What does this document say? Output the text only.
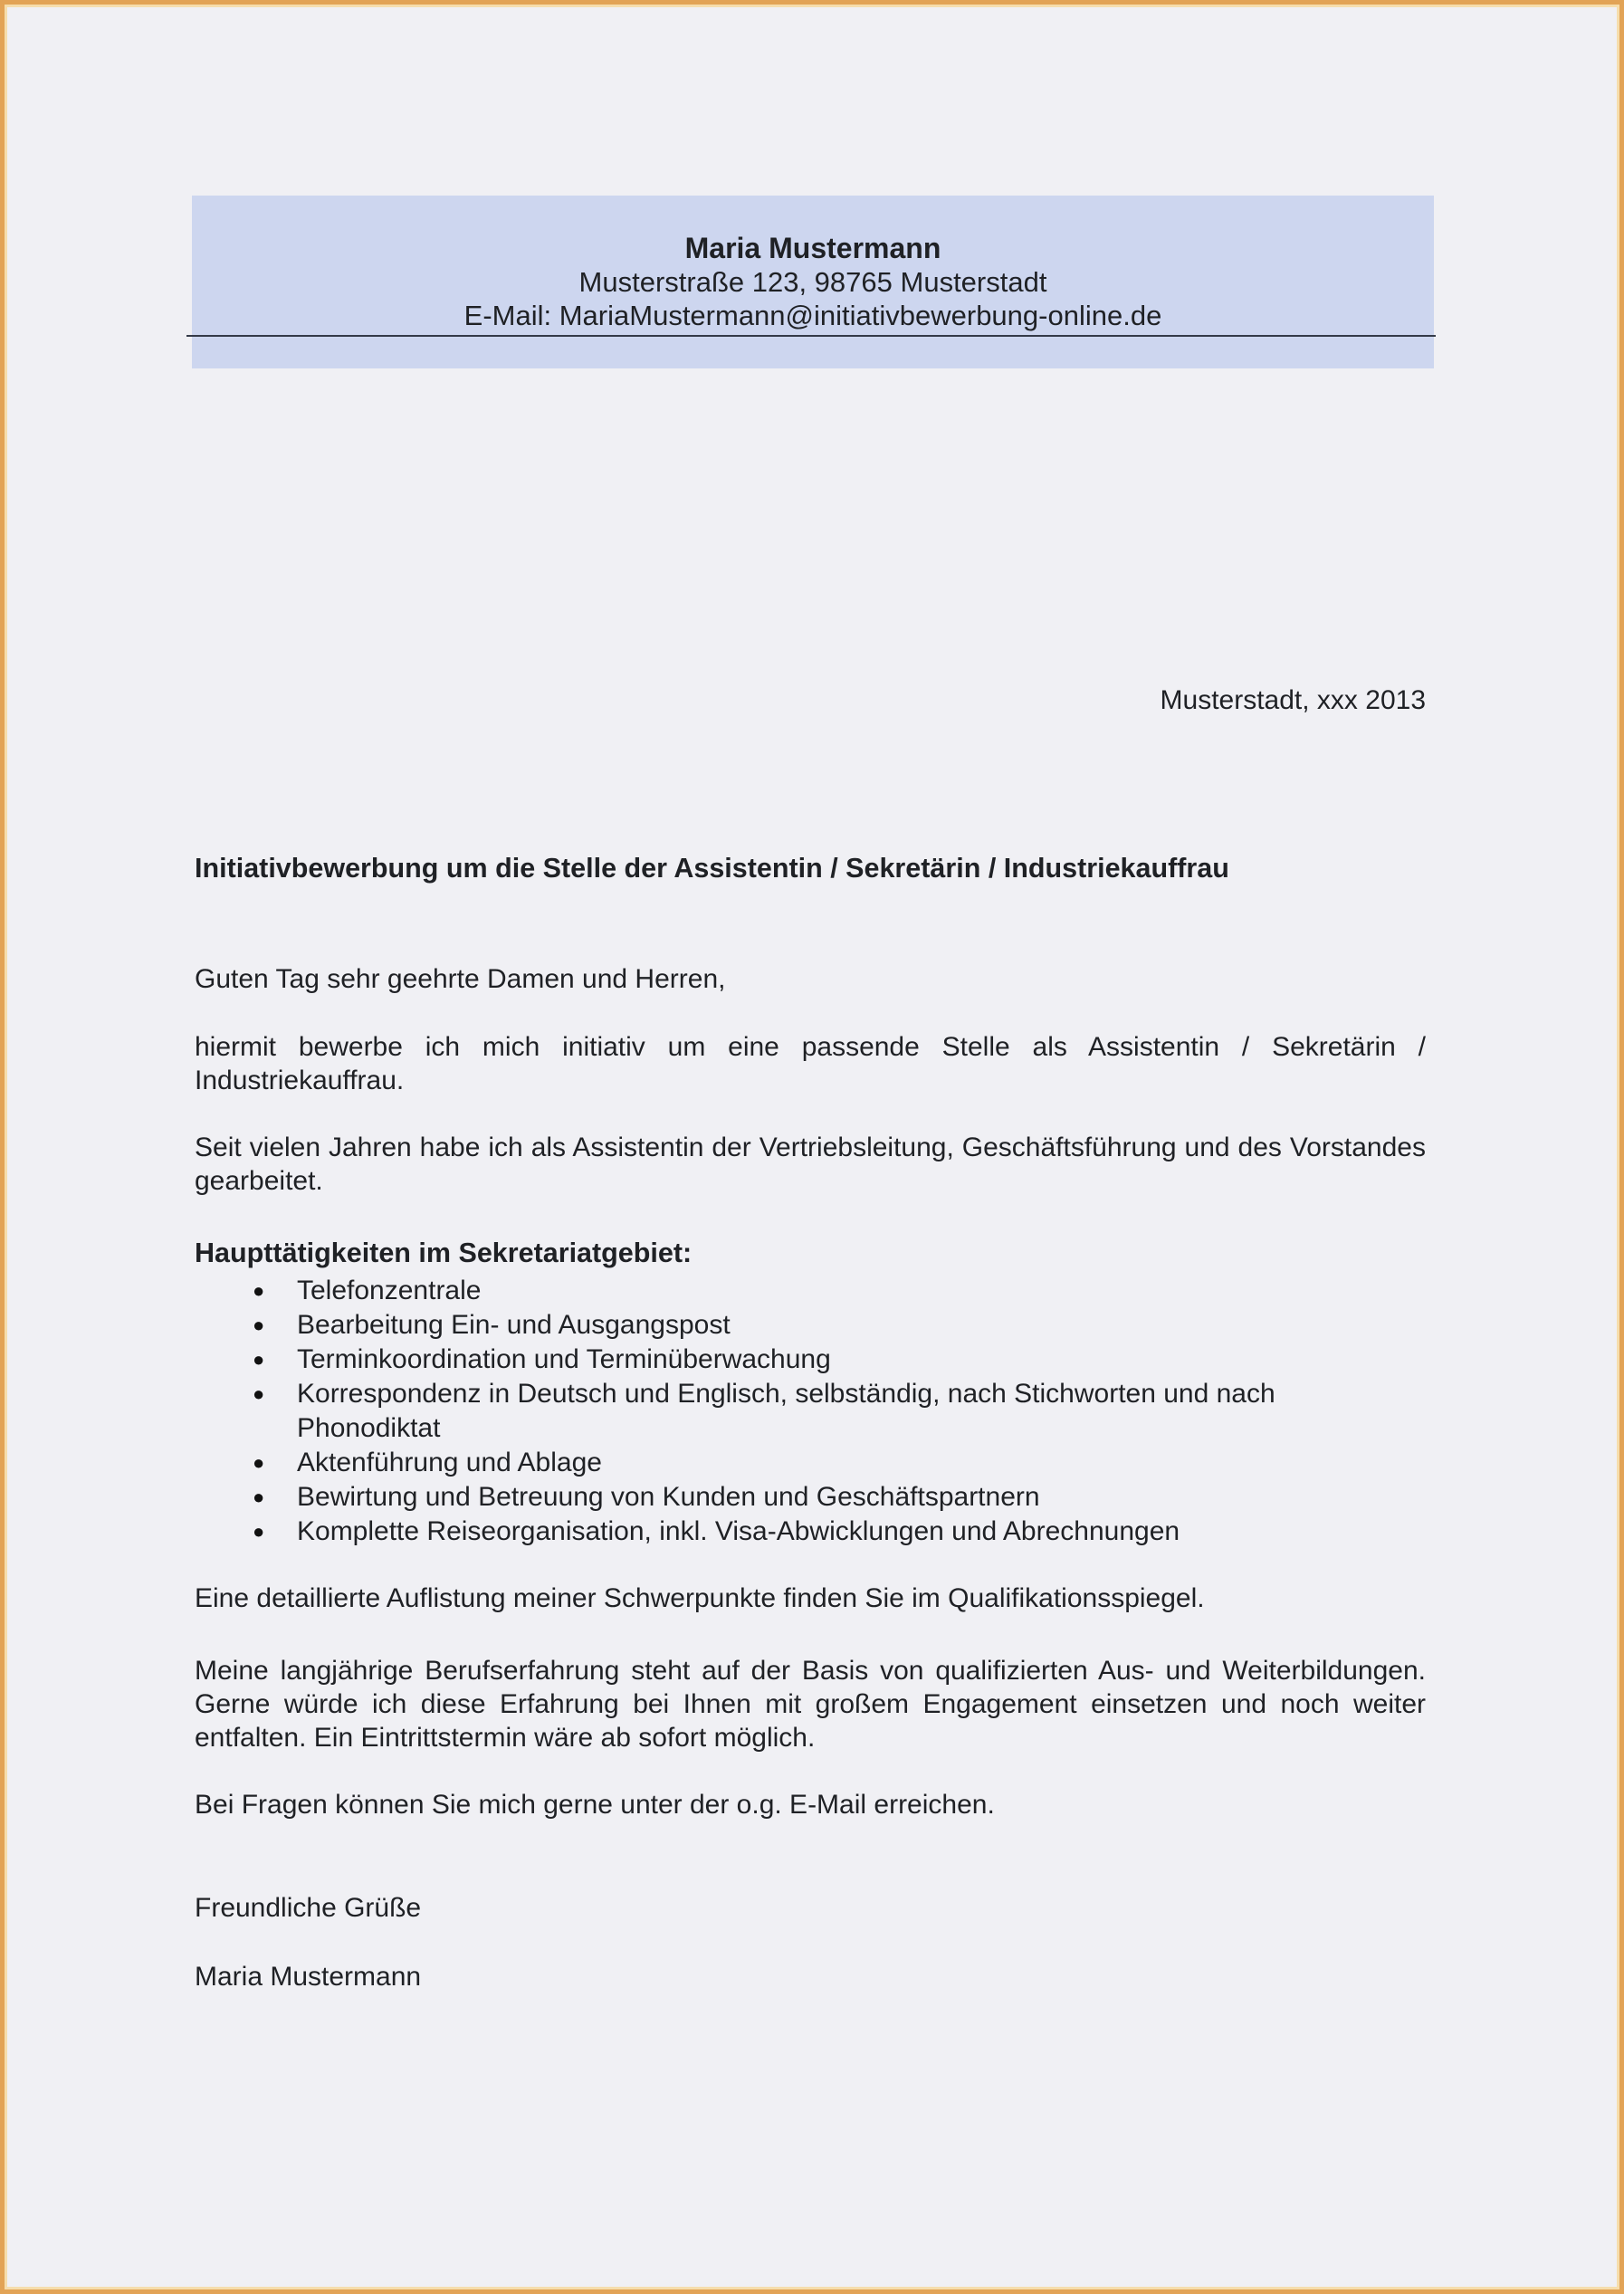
Maria Mustermann
Musterstraße 123, 98765 Musterstadt
E-Mail: MariaMustermann@initiativbewerbung-online.de
Musterstadt, xxx 2013
Initiativbewerbung um die Stelle der Assistentin / Sekretärin / Industriekauffrau
Guten Tag sehr geehrte Damen und Herren,
hiermit bewerbe ich mich initiativ um eine passende Stelle als Assistentin / Sekretärin / Industriekauffrau.
Seit vielen Jahren habe ich als Assistentin der Vertriebsleitung, Geschäftsführung und des Vorstandes gearbeitet.
Haupttätigkeiten im Sekretariatgebiet:
● Telefonzentrale
● Bearbeitung Ein- und Ausgangspost
● Terminkoordination und Terminüberwachung
● Korrespondenz in Deutsch und Englisch, selbständig, nach Stichworten und nach Phonodiktat
● Aktenführung und Ablage
● Bewirtung und Betreuung von Kunden und Geschäftspartnern
● Komplette Reiseorganisation, inkl. Visa-Abwicklungen und Abrechnungen
Eine detaillierte Auflistung meiner Schwerpunkte finden Sie im Qualifikationsspiegel.
Meine langjährige Berufserfahrung steht auf der Basis von qualifizierten Aus- und Weiterbildungen. Gerne würde ich diese Erfahrung bei Ihnen mit großem Engagement einsetzen und noch weiter entfalten. Ein Eintrittstermin wäre ab sofort möglich.
Bei Fragen können Sie mich gerne unter der o.g. E-Mail erreichen.
Freundliche Grüße
Maria Mustermann
